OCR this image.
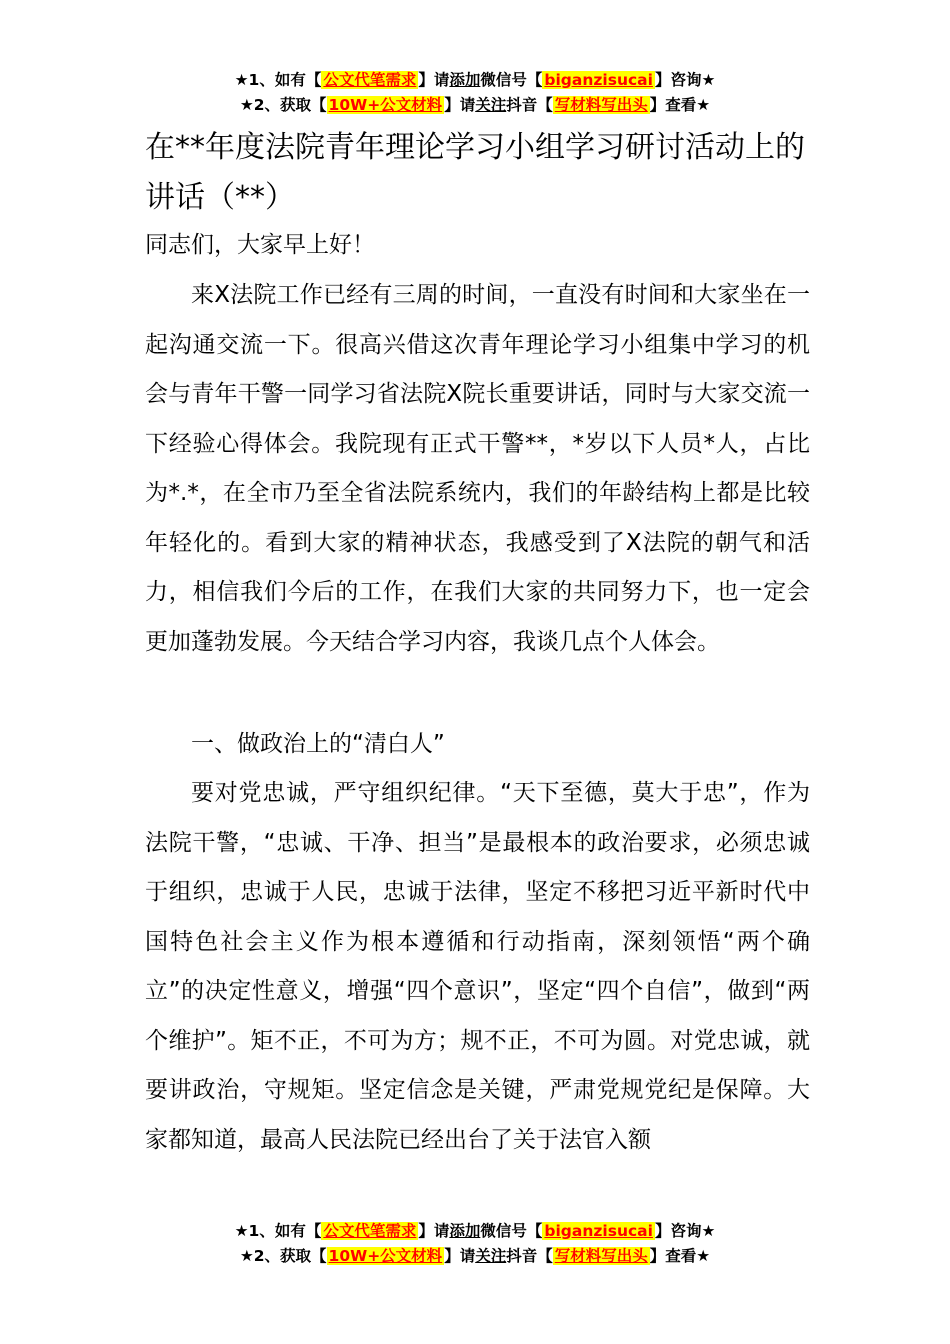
★1、如有【 公文代笔需求 】请添加微信号【 biganzisucai 】咨询★
★2、获取【 10W+公文材料 】请关注抖音【 写材料写出头 】查看★
在**年度法院青年理论学习小组学习研讨活动上的讲话（**）
同志们，大家早上好！

来X法院工作已经有三周的时间，一直没有时间和大家坐在一起沟通交流一下。很高兴借这次青年理论学习小组集中学习的机会与青年干警一同学习省法院X院长重要讲话，同时与大家交流一下经验心得体会。我院现有正式干警**，*岁以下人员*人，占比为*.*，在全市乃至全省法院系统内，我们的年龄结构上都是比较年轻化的。看到大家的精神状态，我感受到了X法院的朝气和活力，相信我们今后的工作，在我们大家的共同努力下，也一定会更加蓬勃发展。今天结合学习内容，我谈几点个人体会。

一、做政治上的“清白人”

要对党忠诚，严守组织纪律。“天下至德，莫大于忠”，作为法院干警，“忠诚、干净、担当”是最根本的政治要求，必须忠诚于组织，忠诚于人民，忠诚于法律，坚定不移把习近平新时代中国特色社会主义作为根本遵循和行动指南，深刻领悟“两个确立”的决定性意义，增强“四个意识”，坚定“四个自信”，做到“两个维护”。矩不正，不可为方；规不正，不可为圆。对党忠诚，就要讲政治，守规矩。坚定信念是关键，严肃党规党纪是保障。大家都知道，最高人民法院已经出台了关于法官入额

★1、如有【 公文代笔需求 】请添加微信号【 biganzisucai 】咨询★
★2、获取【 10W+公文材料 】请关注抖音【 写材料写出头 】查看★
